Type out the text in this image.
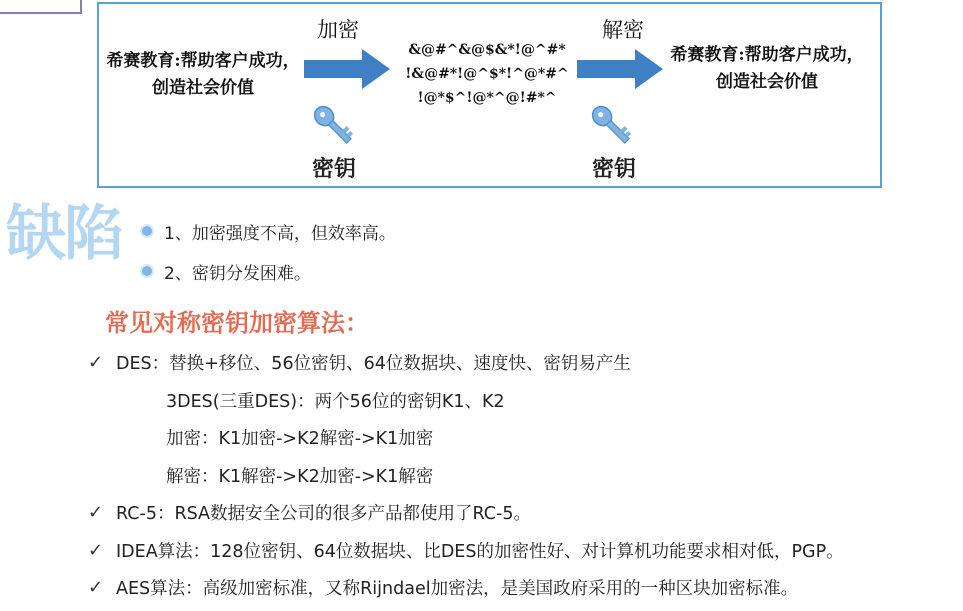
希赛教育:帮助客户成功，创造社会价值
加密
&@#^&@$&*!@^#*
!&@#*!@^$*!^@*#^
!@*$^!@*^@!#*^
解密
希赛教育:帮助客户成功，创造社会价值
密钥	密钥
缺陷 1、加密强度不高，但效率高。
2、密钥分发困难。
常见对称密钥加密算法：
✓ DES：替换+移位、56位密钥、64位数据块、速度快、密钥易产生
3DES(三重DES)：两个56位的密钥K1、K2
加密：K1加密->K2解密->K1加密
解密：K1解密->K2加密->K1解密
✓ RC-5：RSA数据安全公司的很多产品都使用了RC-5。
✓ IDEA算法：128位密钥、64位数据块、比DES的加密性好、对计算机功能要求相对低，PGP。
✓ AES算法：高级加密标准，又称Rijndael加密法，是美国政府采用的一种区块加密标准。
